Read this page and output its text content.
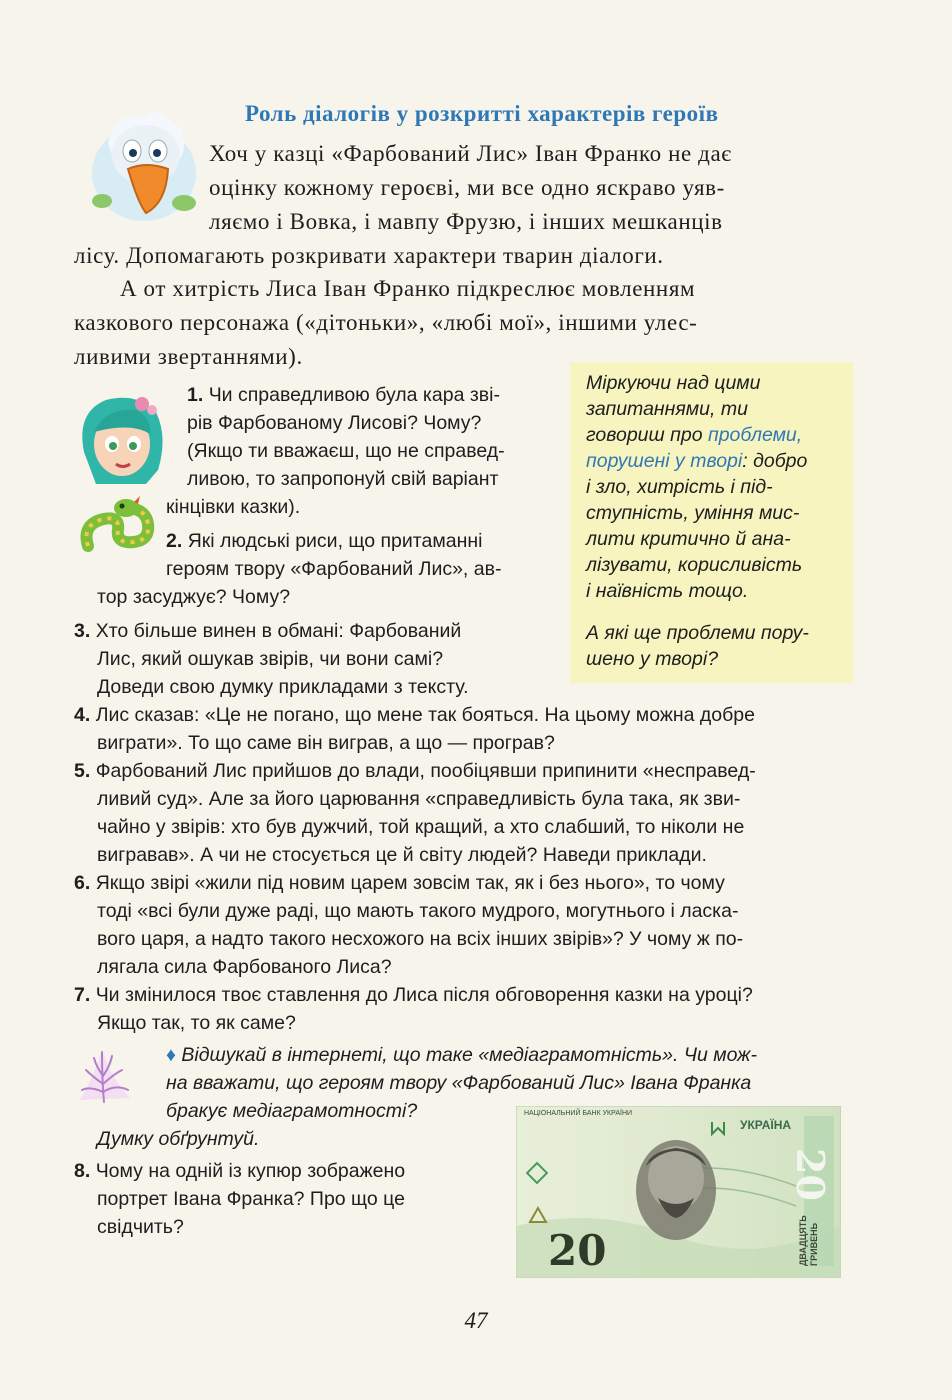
Роль діалогів у розкритті характерів героїв
Хоч у казці «Фарбований Лис» Іван Франко не дає
оцінку кожному героєві, ми все одно яскраво уяв-
ляємо і Вовка, і мавпу Фрузю, і інших мешканців
лісу. Допомагають розкривати характери тварин діалоги.
А от хитрість Лиса Іван Франко підкреслює мовленням
казкового персонажа («дітоньки», «любі мої», іншими улес-
ливими звертаннями).

Міркуючи над цими

запитаннями, ти

говориш про проблеми,

порушені у творі: добро

і зло, хитрість і під-

ступність, уміння мис-

лити критично й ана-

лізувати, корисливість

і наївність тощо.

А які ще проблеми пору-

шено у творі?

1. Чи справедливою була кара зві-
рів Фарбованому Лисові? Чому?
(Якщо ти вважаєш, що не справед-
ливою, то запропонуй свій варіант
кінцівки казки).
2. Які людські риси, що притаманні
героям твору «Фарбований Лис», ав-
тор засуджує? Чому?
3. Хто більше винен в обмані: Фарбований
Лис, який ошукав звірів, чи вони самі?
Доведи свою думку прикладами з тексту.
4. Лис сказав: «Це не погано, що мене так бояться. На цьому можна добре
виграти». То що саме він виграв, а що — програв?
5. Фарбований Лис прийшов до влади, пообіцявши припинити «несправед-
ливий суд». Але за його царювання «справедливість була така, як зви-
чайно у звірів: хто був дужчий, той кращий, а хто слабший, то ніколи не
вигравав». А чи не стосується це й світу людей? Наведи приклади.
6. Якщо звірі «жили під новим царем зовсім так, як і без нього», то чому
тоді «всі були дуже раді, що мають такого мудрого, могутнього і ласка-
вого царя, а надто такого несхожого на всіх інших звірів»? У чому ж по-
лягала сила Фарбованого Лиса?
7. Чи змінилося твоє ставлення до Лиса після обговорення казки на уроці?
Якщо так, то як саме?
♦ Відшукай в інтернеті, що таке «медіаграмотність». Чи мож-
на вважати, що героям твору «Фарбований Лис» Івана Франка
бракує медіаграмотності?
Думку обґрунтуй.
8. Чому на одній із купюр зображено
портрет Івана Франка? Про що це
свідчить?
НАЦІОНАЛЬНИЙ БАНК УКРАЇНИ
УКРАЇНА
20
20
ДВАДЦЯТЬ ГРИВЕНЬ
47
